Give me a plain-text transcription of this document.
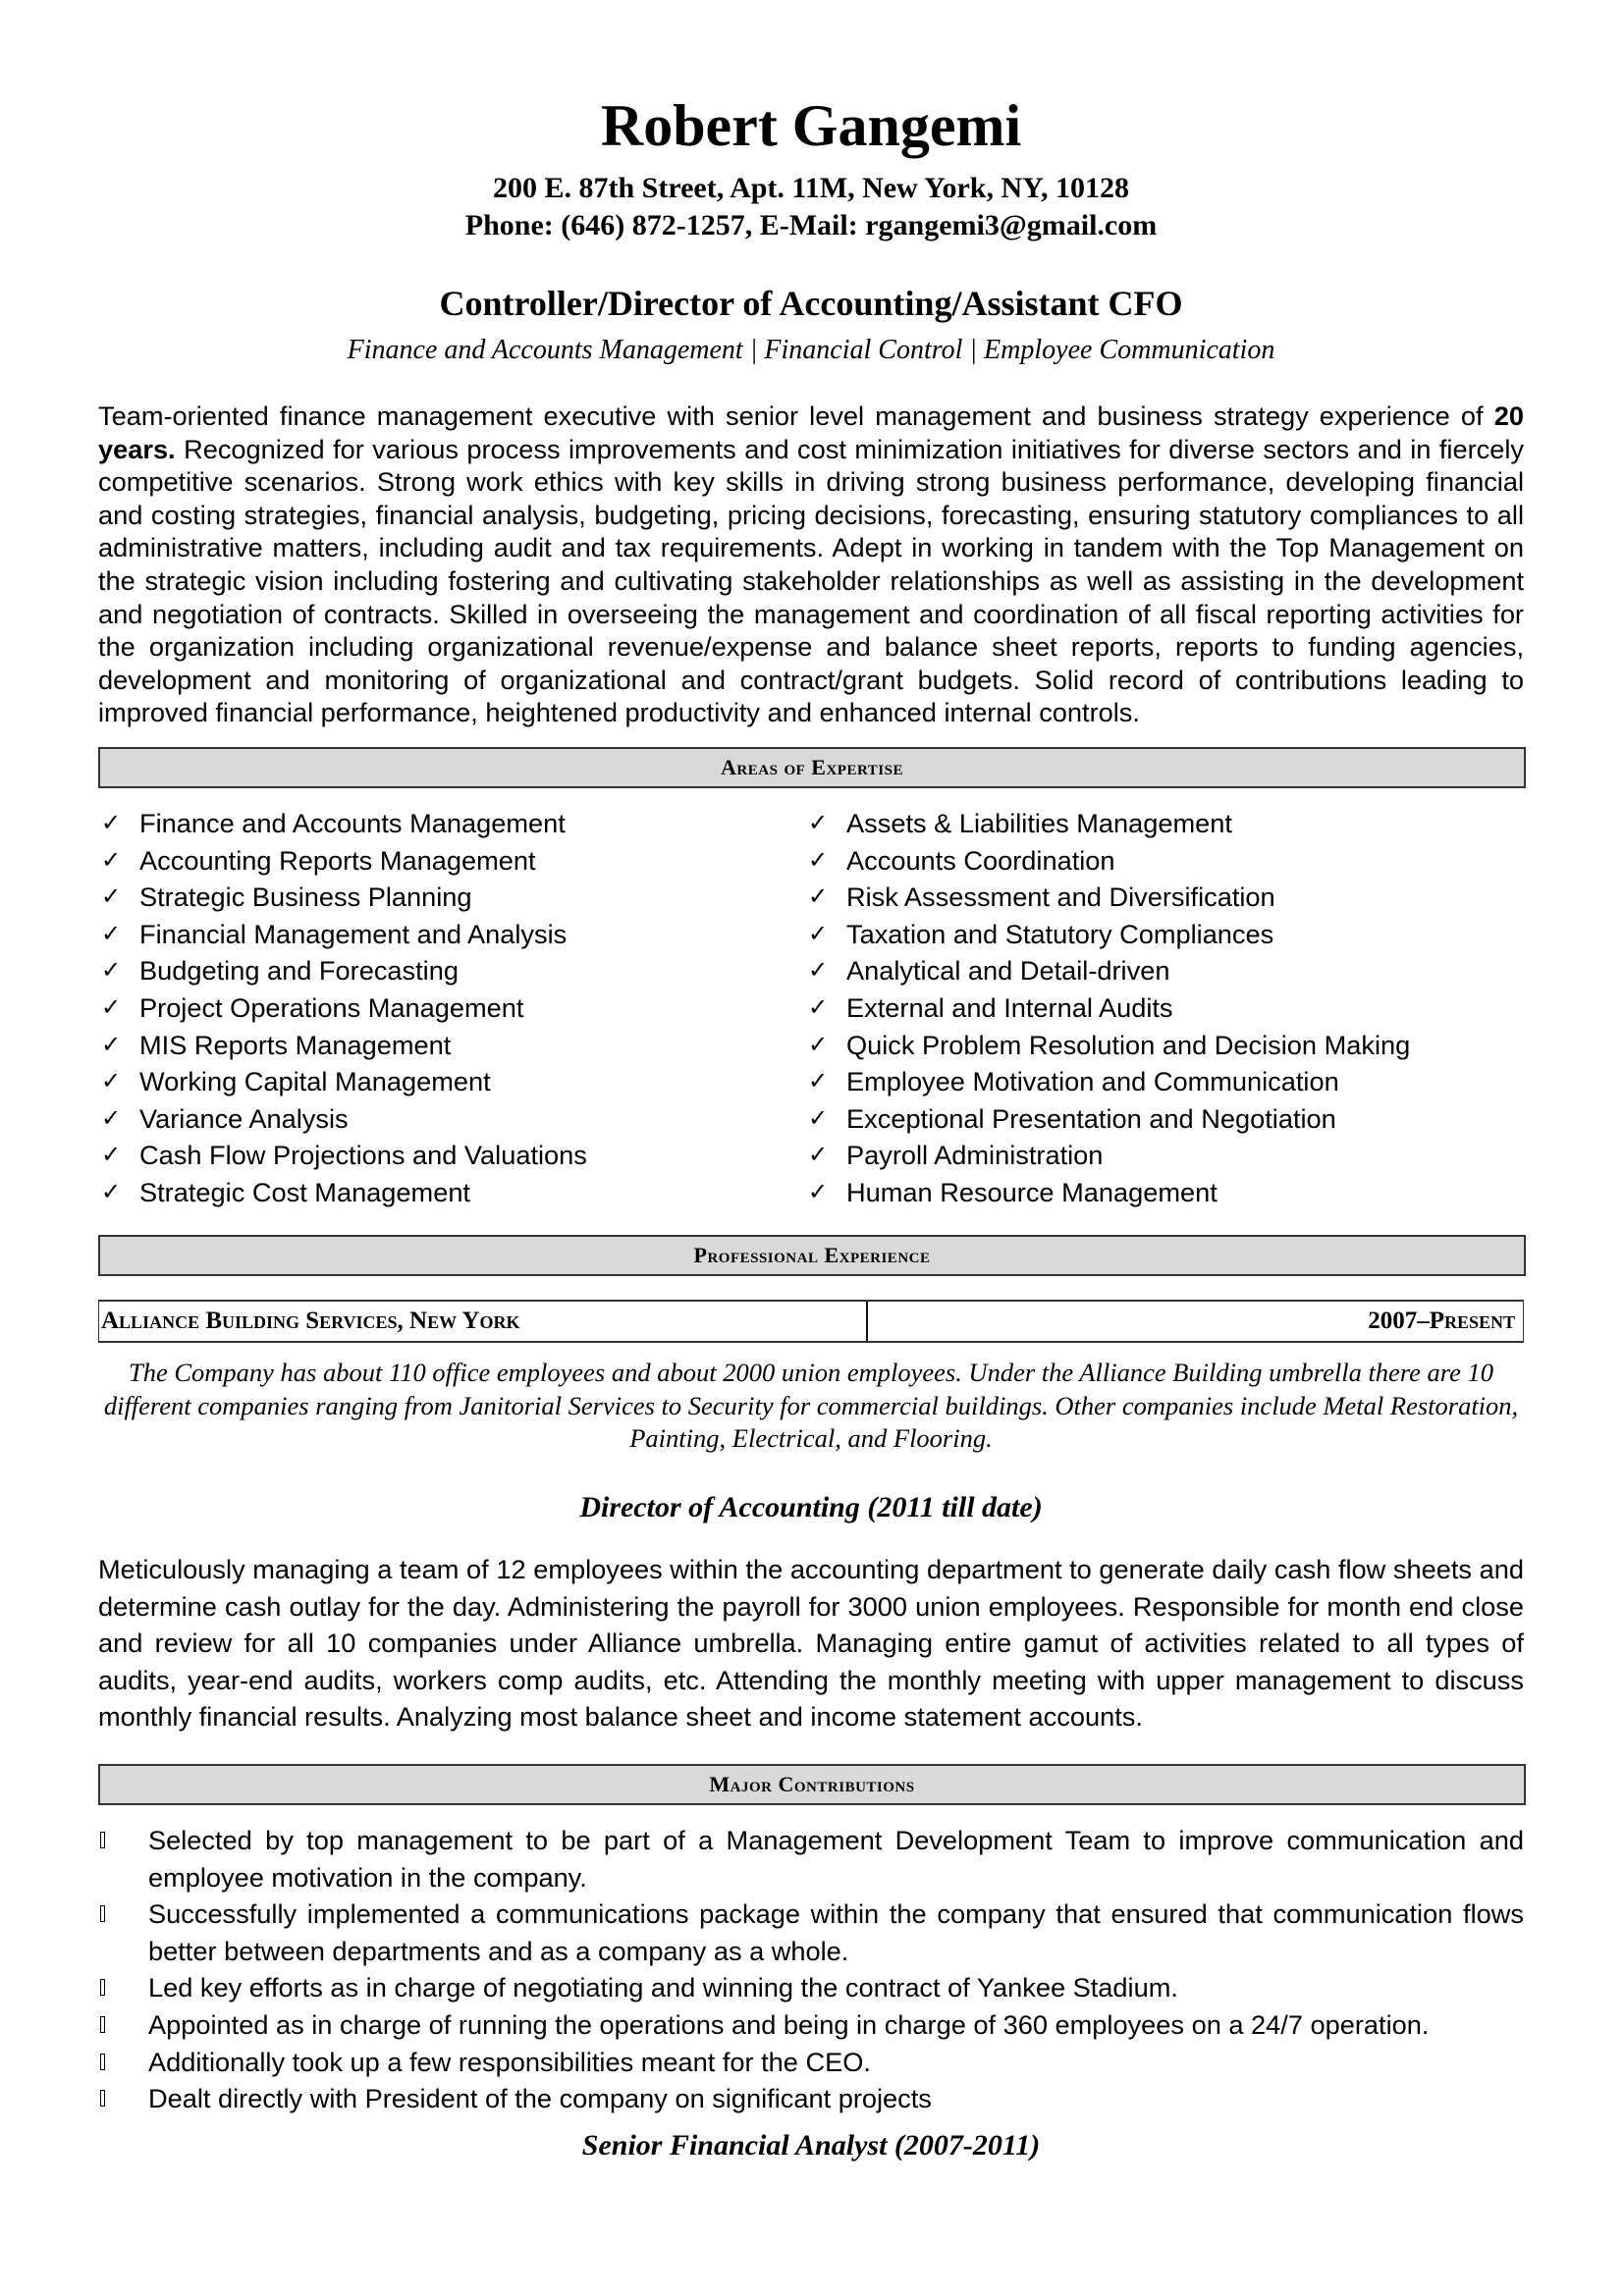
Robert Gangemi
200 E. 87th Street, Apt. 11M, New York, NY, 10128
Phone: (646) 872-1257, E-Mail: rgangemi3@gmail.com
Controller/Director of Accounting/Assistant CFO
Finance and Accounts Management | Financial Control | Employee Communication
Team-oriented finance management executive with senior level management and business strategy experience of 20 years. Recognized for various process improvements and cost minimization initiatives for diverse sectors and in fiercely competitive scenarios. Strong work ethics with key skills in driving strong business performance, developing financial and costing strategies, financial analysis, budgeting, pricing decisions, forecasting, ensuring statutory compliances to all administrative matters, including audit and tax requirements. Adept in working in tandem with the Top Management on the strategic vision including fostering and cultivating stakeholder relationships as well as assisting in the development and negotiation of contracts. Skilled in overseeing the management and coordination of all fiscal reporting activities for the organization including organizational revenue/expense and balance sheet reports, reports to funding agencies, development and monitoring of organizational and contract/grant budgets. Solid record of contributions leading to improved financial performance, heightened productivity and enhanced internal controls.
Areas of Expertise
✓ Finance and Accounts Management
✓ Accounting Reports Management
✓ Strategic Business Planning
✓ Financial Management and Analysis
✓ Budgeting and Forecasting
✓ Project Operations Management
✓ MIS Reports Management
✓ Working Capital Management
✓ Variance Analysis
✓ Cash Flow Projections and Valuations
✓ Strategic Cost Management
✓ Assets & Liabilities Management
✓ Accounts Coordination
✓ Risk Assessment and Diversification
✓ Taxation and Statutory Compliances
✓ Analytical and Detail-driven
✓ External and Internal Audits
✓ Quick Problem Resolution and Decision Making
✓ Employee Motivation and Communication
✓ Exceptional Presentation and Negotiation
✓ Payroll Administration
✓ Human Resource Management
Professional Experience
Alliance Building Services, New York	2007–Present
The Company has about 110 office employees and about 2000 union employees. Under the Alliance Building umbrella there are 10 different companies ranging from Janitorial Services to Security for commercial buildings. Other companies include Metal Restoration, Painting, Electrical, and Flooring.
Director of Accounting (2011 till date)
Meticulously managing a team of 12 employees within the accounting department to generate daily cash flow sheets and determine cash outlay for the day. Administering the payroll for 3000 union employees. Responsible for month end close and review for all 10 companies under Alliance umbrella. Managing entire gamut of activities related to all types of audits, year-end audits, workers comp audits, etc. Attending the monthly meeting with upper management to discuss monthly financial results. Analyzing most balance sheet and income statement accounts.
Major Contributions
Selected by top management to be part of a Management Development Team to improve communication and employee motivation in the company.
Successfully implemented a communications package within the company that ensured that communication flows better between departments and as a company as a whole.
Led key efforts as in charge of negotiating and winning the contract of Yankee Stadium.
Appointed as in charge of running the operations and being in charge of 360 employees on a 24/7 operation.
Additionally took up a few responsibilities meant for the CEO.
Dealt directly with President of the company on significant projects
Senior Financial Analyst (2007-2011)
